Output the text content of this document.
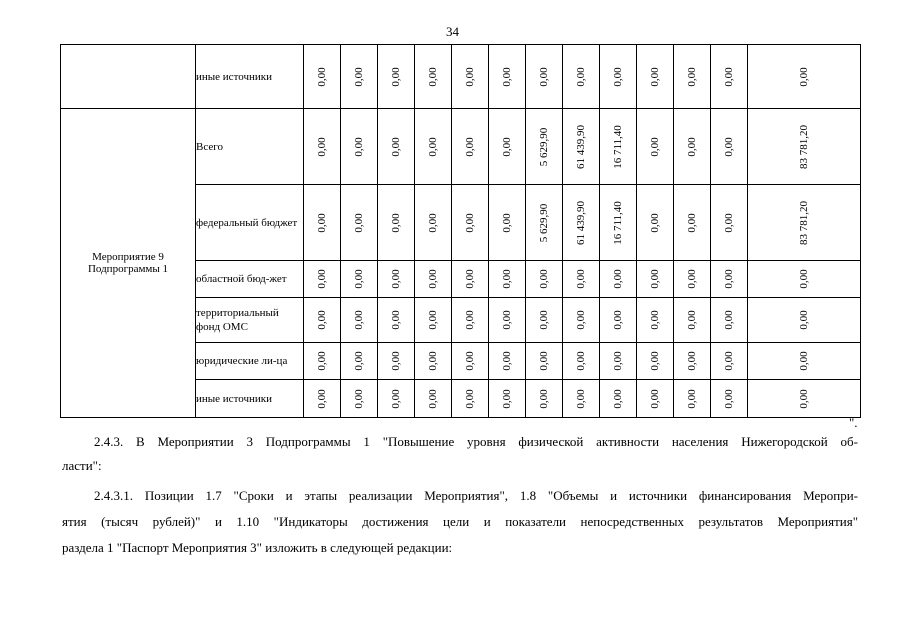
34
	иные источники	0,00	0,00	0,00	0,00	0,00	0,00	0,00	0,00	0,00	0,00	0,00	0,00	0,00

Мероприятие 9 Подпрограммы 1	Всего	0,00	0,00	0,00	0,00	0,00	0,00	5 629,90	61 439,90	16 711,40	0,00	0,00	0,00	83 781,20

	федеральный бюджет	0,00	0,00	0,00	0,00	0,00	0,00	5 629,90	61 439,90	16 711,40	0,00	0,00	0,00	83 781,20

	областной бюд-жет	0,00	0,00	0,00	0,00	0,00	0,00	0,00	0,00	0,00	0,00	0,00	0,00	0,00

	территориальный фонд ОМС	0,00	0,00	0,00	0,00	0,00	0,00	0,00	0,00	0,00	0,00	0,00	0,00	0,00

	юридические ли-ца	0,00	0,00	0,00	0,00	0,00	0,00	0,00	0,00	0,00	0,00	0,00	0,00	0,00

	иные источники	0,00	0,00	0,00	0,00	0,00	0,00	0,00	0,00	0,00	0,00	0,00	0,00	0,00
".
2.4.3. В Мероприятии 3 Подпрограммы 1 "Повышение уровня физической активности населения Нижегородской об-
ласти":
2.4.3.1. Позиции 1.7 "Сроки и этапы реализации Мероприятия", 1.8 "Объемы и источники финансирования Меропри-
ятия (тысяч рублей)" и 1.10 "Индикаторы достижения цели и показатели непосредственных результатов Мероприятия"
раздела 1 "Паспорт Мероприятия 3" изложить в следующей редакции:
